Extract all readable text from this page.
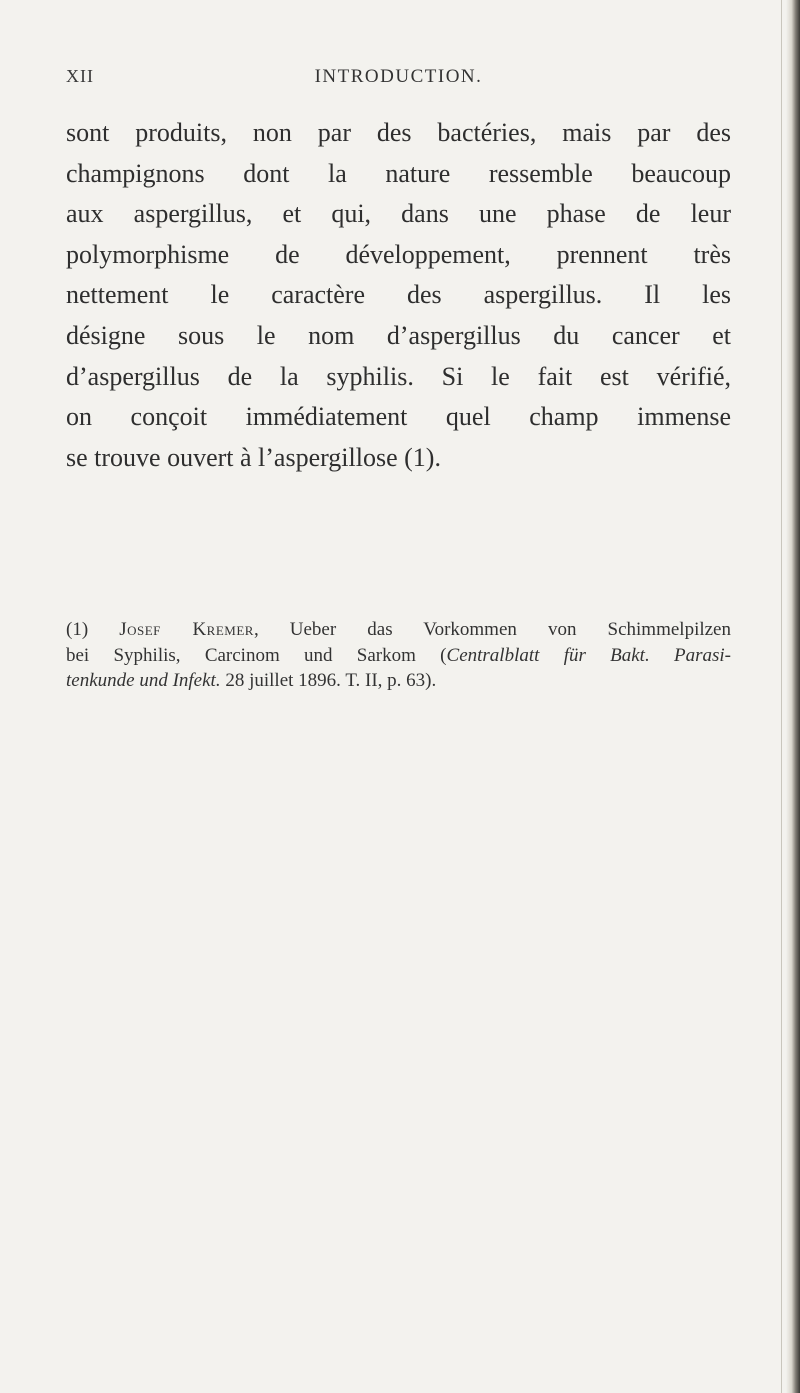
XII	INTRODUCTION.
sont produits, non par des bactéries, mais par des
champignons dont la nature ressemble beaucoup
aux aspergillus, et qui, dans une phase de leur
polymorphisme de développement, prennent très
nettement le caractère des aspergillus. Il les
désigne sous le nom d’aspergillus du cancer et
d’aspergillus de la syphilis. Si le fait est vérifié,
on conçoit immédiatement quel champ immense
se trouve ouvert à l’aspergillose (1).
(1) Josef Kremer, Ueber das Vorkommen von Schimmelpilzen
bei Syphilis, Carcinom und Sarkom (Centralblatt für Bakt. Parasi-
tenkunde und Infekt. 28 juillet 1896. T. II, p. 63).
